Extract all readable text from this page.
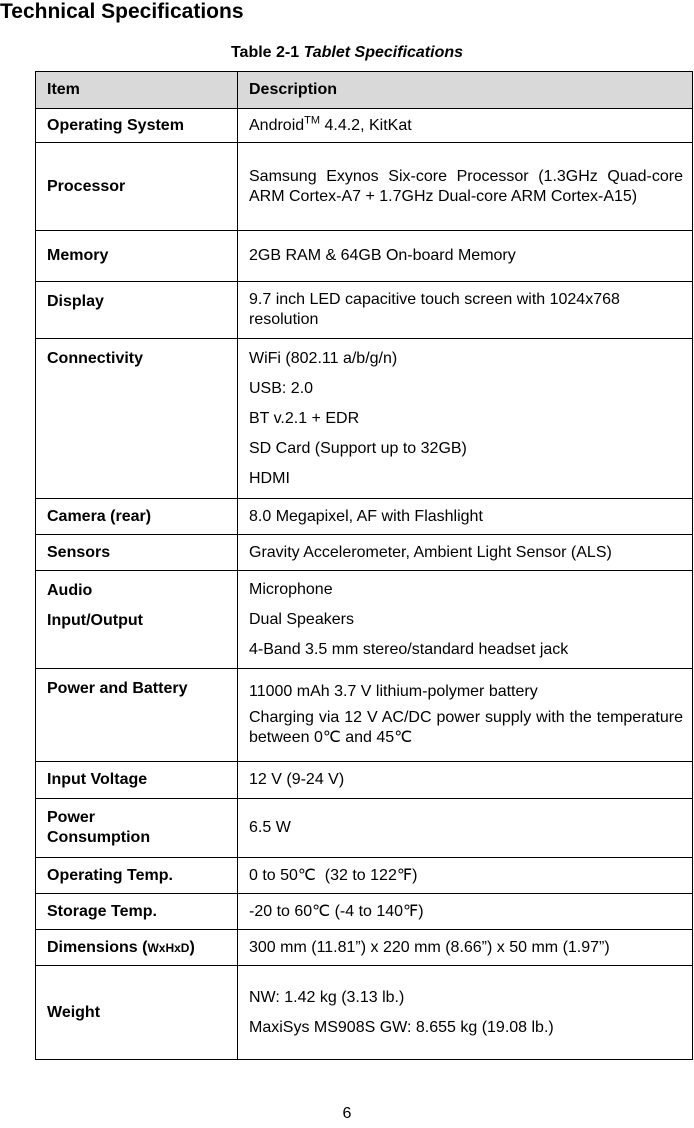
Technical Specifications

Table 2-1 Tablet Specifications

Item	Description
Operating System	Android™ 4.4.2, KitKat
Processor	Samsung Exynos Six-core Processor (1.3GHz Quad-core ARM Cortex-A7 + 1.7GHz Dual-core ARM Cortex-A15)

Memory	2GB RAM & 64GB On-board Memory

Display	9.7 inch LED capacitive touch screen with 1024x768 resolution

Connectivity	WiFi (802.11 a/b/g/n)
USB: 2.0
BT v.2.1 + EDR
SD Card (Support up to 32GB)
HDMI

Camera (rear)	8.0 Megapixel, AF with Flashlight

Sensors	Gravity Accelerometer, Ambient Light Sensor (ALS)

Audio
Input/Output	Microphone
Dual Speakers
4-Band 3.5 mm stereo/standard headset jack

Power and Battery	11000 mAh 3.7 V lithium-polymer battery
Charging via 12 V AC/DC power supply with the temperature between 0℃ and 45℃

Input Voltage	12 V (9-24 V)

Power Consumption	6.5 W

Operating Temp.	0 to 50℃  (32 to 122℉)

Storage Temp.	-20 to 60℃ (-4 to 140℉)

Dimensions (WxHxD)	300 mm (11.81”) x 220 mm (8.66”) x 50 mm (1.97”)

Weight	NW: 1.42 kg (3.13 lb.)
MaxiSys MS908S GW: 8.655 kg (19.08 lb.)
6
